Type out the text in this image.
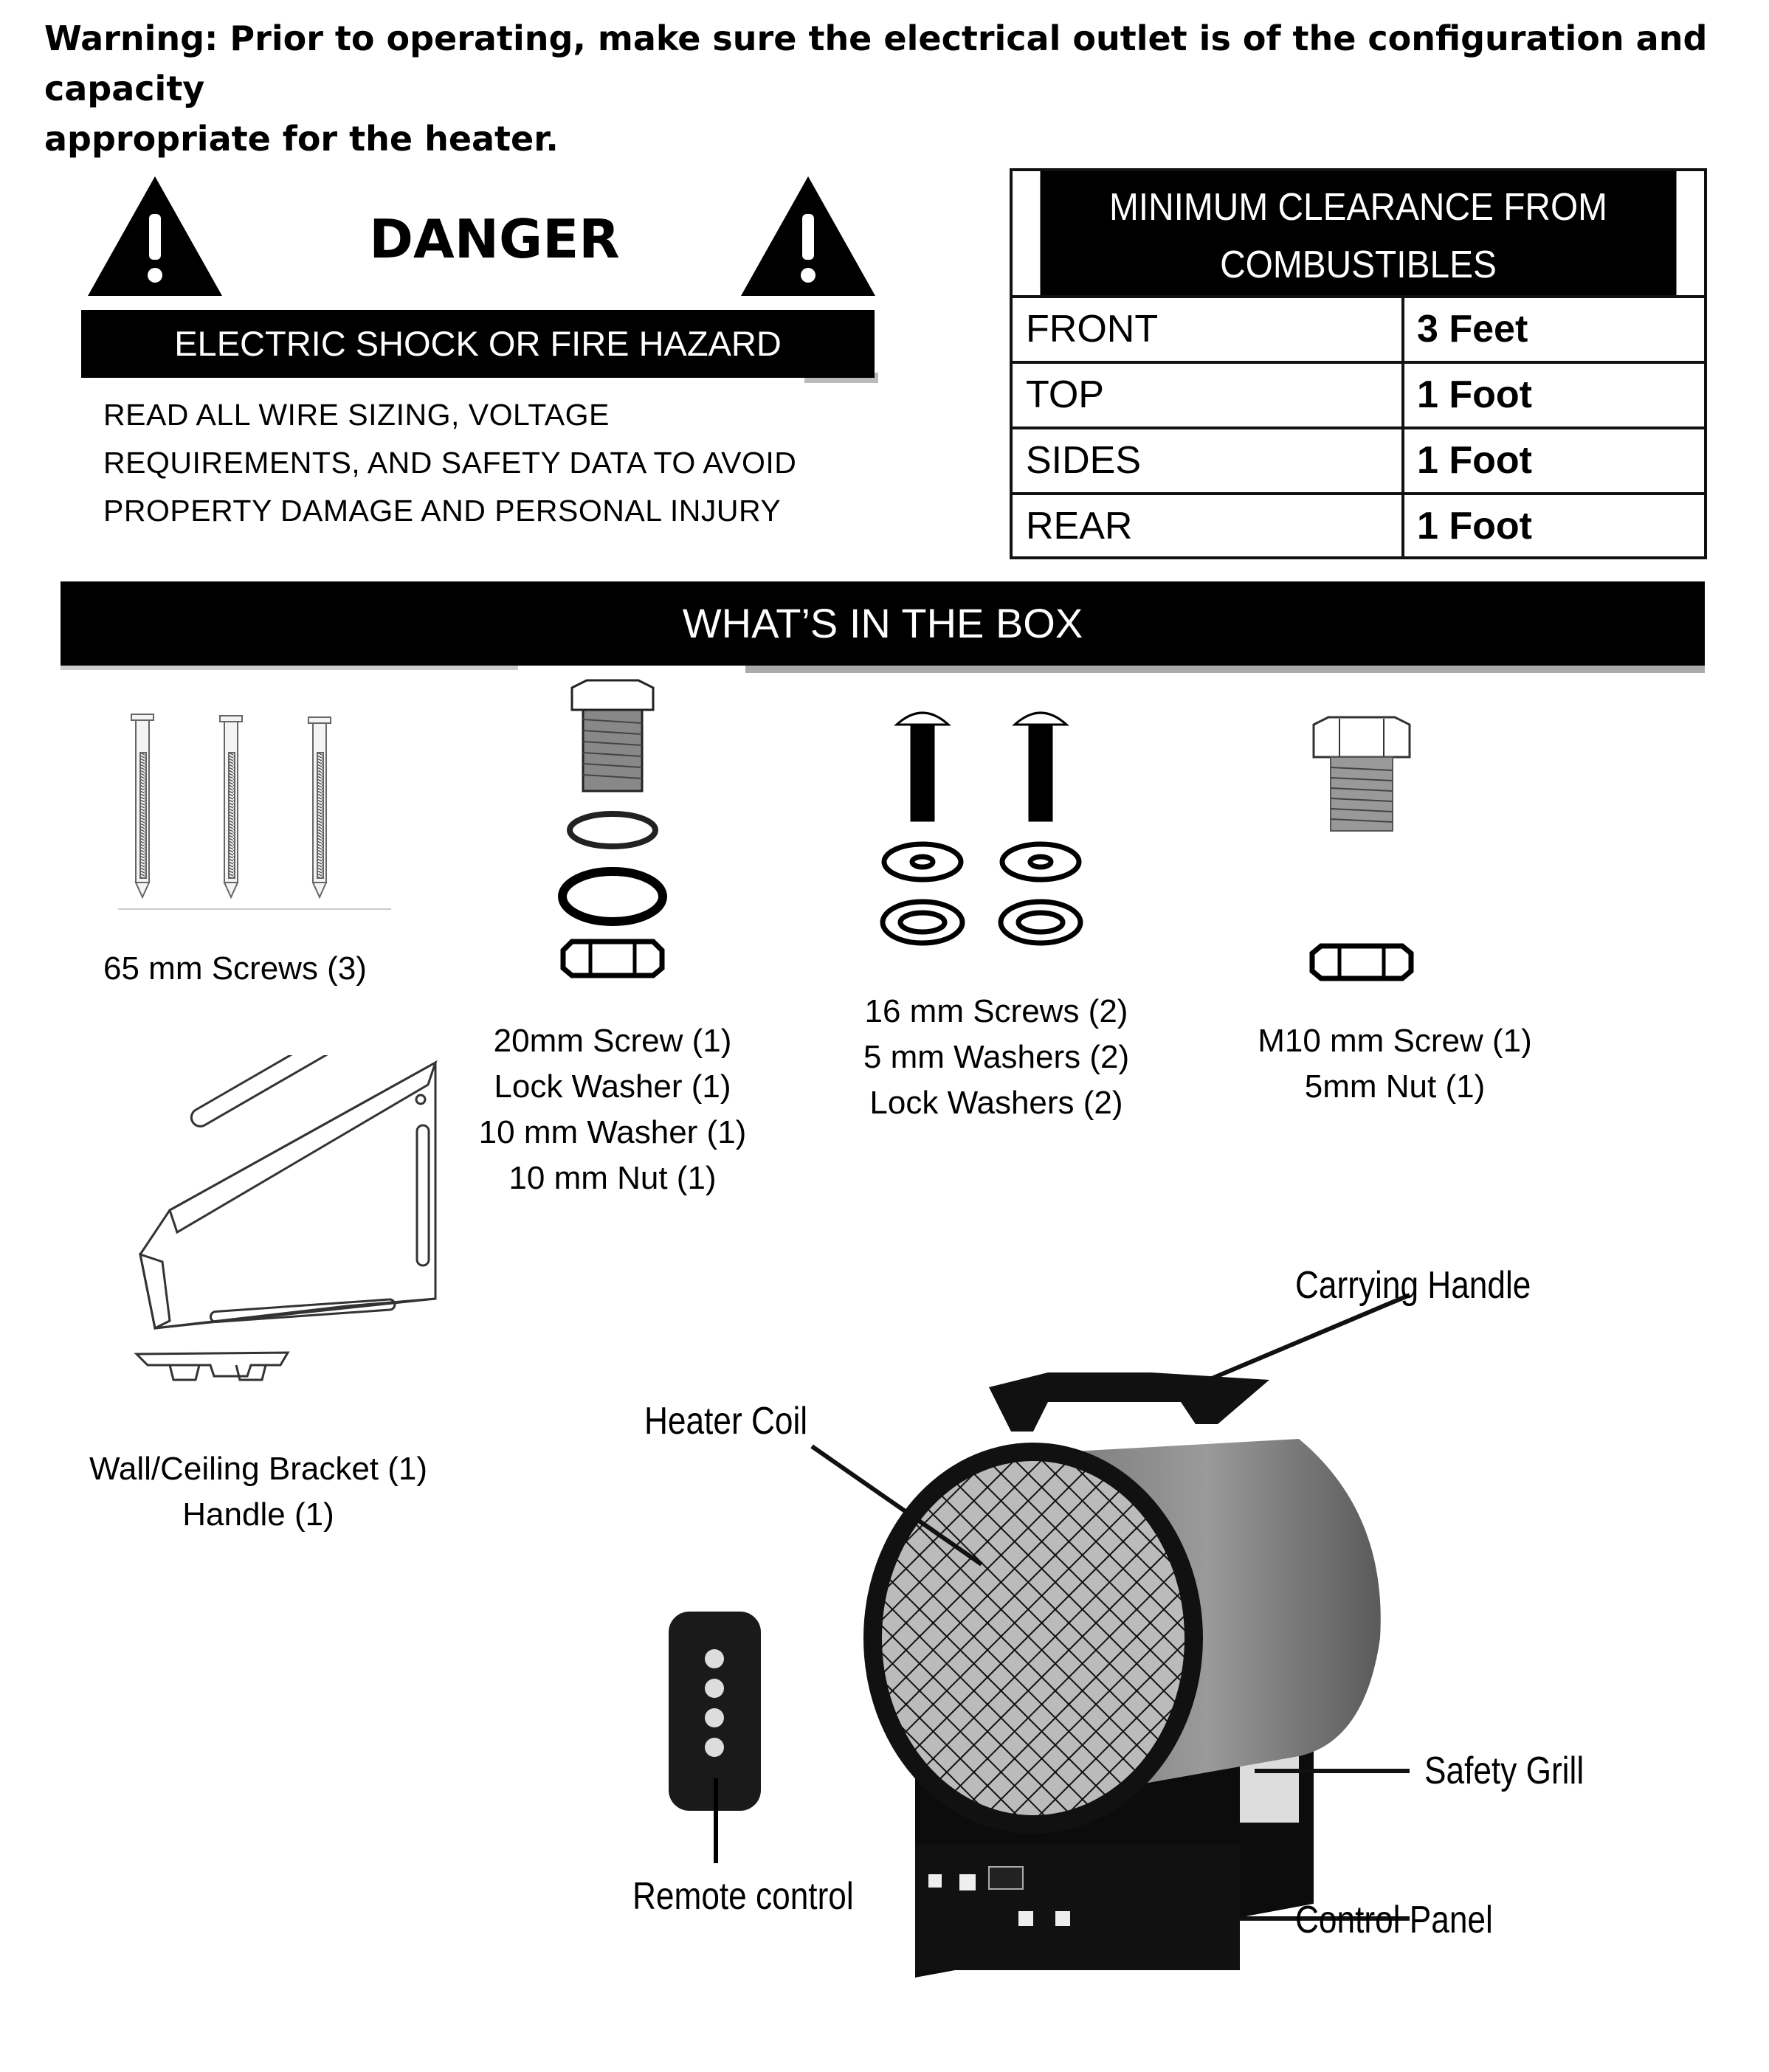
Warning: Prior to operating, make sure the electrical outlet is of the configuration and capacity
appropriate for the heater.
DANGER
ELECTRIC SHOCK OR FIRE HAZARD
READ ALL WIRE SIZING, VOLTAGE
REQUIREMENTS, AND SAFETY DATA TO AVOID
PROPERTY DAMAGE AND PERSONAL INJURY
MINIMUM CLEARANCE FROM
COMBUSTIBLES
FRONT	3 Feet
TOP	1 Foot
SIDES	1 Foot
REAR	1 Foot
WHAT’S IN THE BOX
65 mm Screws (3)
20mm Screw (1)
Lock Washer (1)
10 mm Washer (1)
10 mm Nut (1)
16 mm Screws (2)
5 mm Washers (2)
Lock Washers (2)
M10 mm Screw (1)
5mm Nut (1)
Wall/Ceiling Bracket (1)
Handle (1)
Carrying Handle
Heater Coil
Safety Grill
Remote control
Control Panel
